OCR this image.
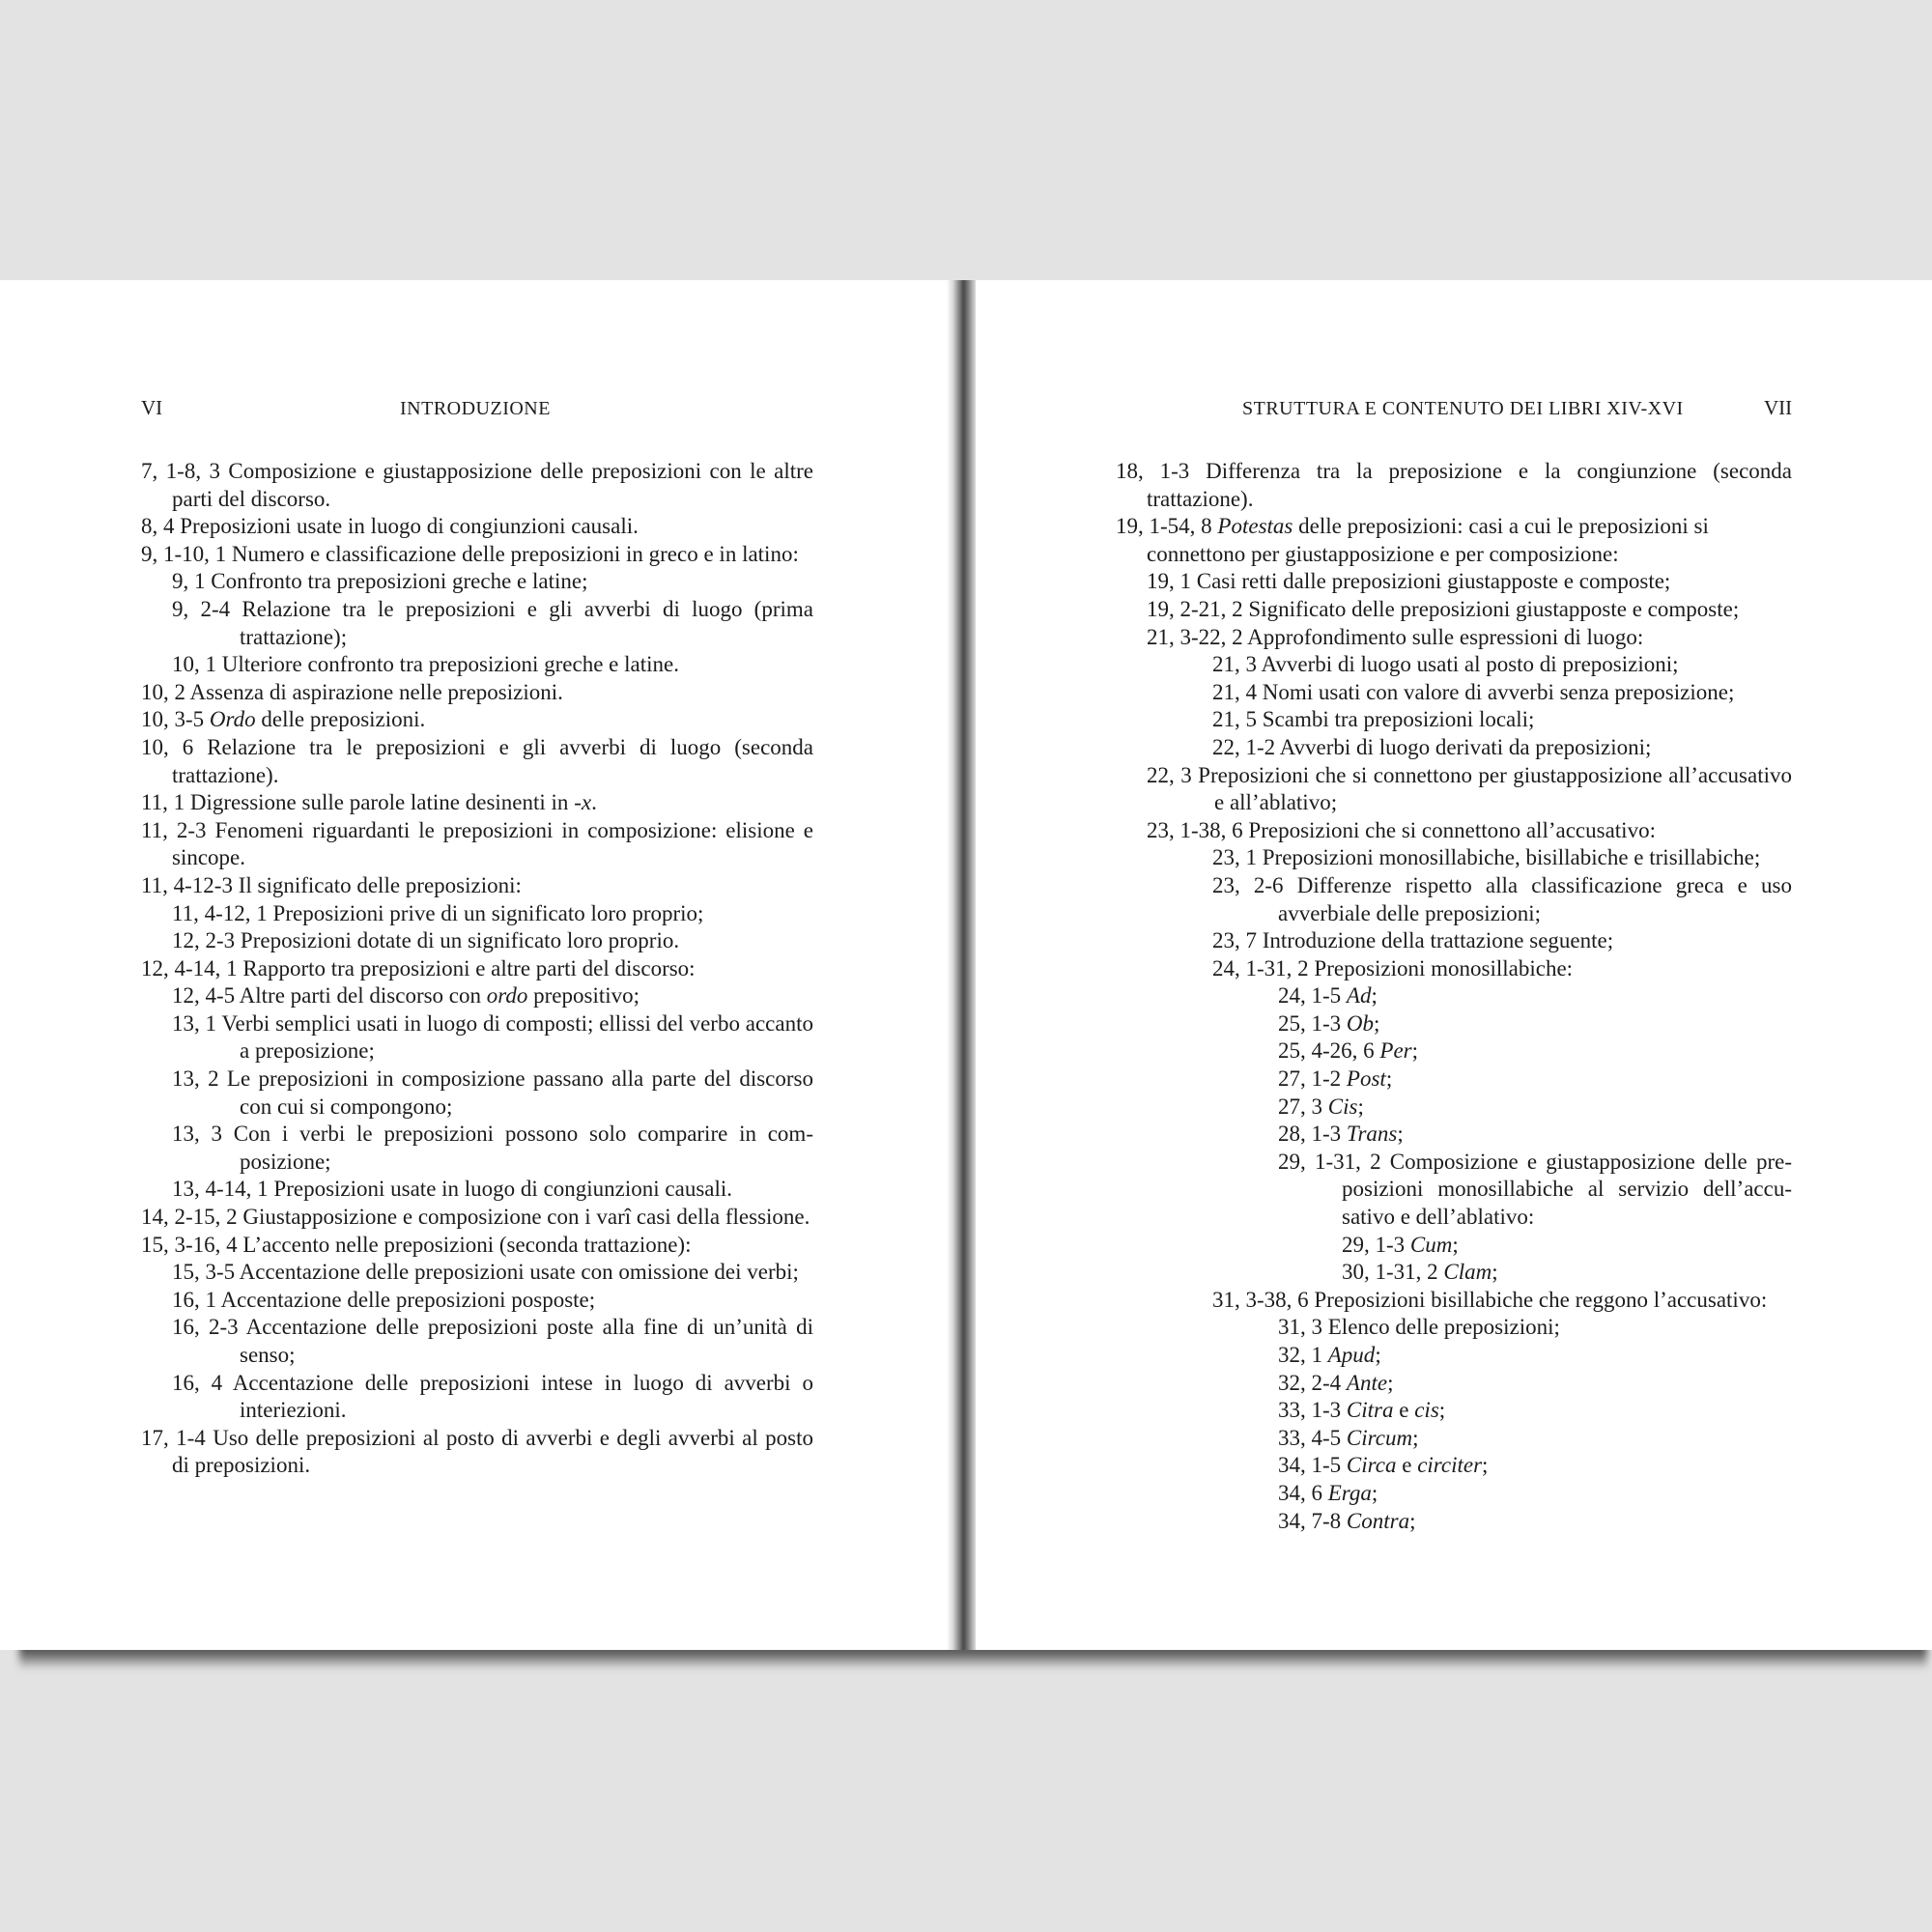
VI	INTRODUZIONE

7, 1-8, 3 Composizione e giustapposizione delle preposizioni con le altre parti del discorso.

8, 4 Preposizioni usate in luogo di congiunzioni causali.

9, 1-10, 1 Numero e classificazione delle preposizioni in greco e in latino:

9, 1 Confronto tra preposizioni greche e latine;

9, 2-4 Relazione tra le preposizioni e gli avverbi di luogo (prima trattazione);

10, 1 Ulteriore confronto tra preposizioni greche e latine.

10, 2 Assenza di aspirazione nelle preposizioni.

10, 3-5 Ordo delle preposizioni.

10, 6 Relazione tra le preposizioni e gli avverbi di luogo (seconda trattazione).

11, 1 Digressione sulle parole latine desinenti in -x.

11, 2-3 Fenomeni riguardanti le preposizioni in composizione: elisione e sincope.

11, 4-12-3 Il significato delle preposizioni:

11, 4-12, 1 Preposizioni prive di un significato loro proprio;

12, 2-3 Preposizioni dotate di un significato loro proprio.

12, 4-14, 1 Rapporto tra preposizioni e altre parti del discorso:

12, 4-5 Altre parti del discorso con ordo prepositivo;

13, 1 Verbi semplici usati in luogo di composti; ellissi del verbo accanto a preposizione;

13, 2 Le preposizioni in composizione passano alla parte del discorso con cui si compongono;

13, 3 Con i verbi le preposizioni possono solo comparire in composizione;

13, 4-14, 1 Preposizioni usate in luogo di congiunzioni causali.

14, 2-15, 2 Giustapposizione e composizione con i varî casi della flessione.

15, 3-16, 4 L’accento nelle preposizioni (seconda trattazione):

15, 3-5 Accentazione delle preposizioni usate con omissione dei verbi;

16, 1 Accentazione delle preposizioni posposte;

16, 2-3 Accentazione delle preposizioni poste alla fine di un’unità di senso;

16, 4 Accentazione delle preposizioni intese in luogo di avverbi o interiezioni.

17, 1-4 Uso delle preposizioni al posto di avverbi e degli avverbi al posto di preposizioni.

STRUTTURA E CONTENUTO DEI LIBRI XIV-XVI	VII

18, 1-3 Differenza tra la preposizione e la congiunzione (seconda trattazione).

19, 1-54, 8 Potestas delle preposizioni: casi a cui le preposizioni si connettono per giustapposizione e per composizione:

19, 1 Casi retti dalle preposizioni giustapposte e composte;

19, 2-21, 2 Significato delle preposizioni giustapposte e composte;

21, 3-22, 2 Approfondimento sulle espressioni di luogo:

21, 3 Avverbi di luogo usati al posto di preposizioni;

21, 4 Nomi usati con valore di avverbi senza preposizione;

21, 5 Scambi tra preposizioni locali;

22, 1-2 Avverbi di luogo derivati da preposizioni;

22, 3 Preposizioni che si connettono per giustapposizione all’accusativo e all’ablativo;

23, 1-38, 6 Preposizioni che si connettono all’accusativo:

23, 1 Preposizioni monosillabiche, bisillabiche e trisillabiche;

23, 2-6 Differenze rispetto alla classificazione greca e uso avverbiale delle preposizioni;

23, 7 Introduzione della trattazione seguente;

24, 1-31, 2 Preposizioni monosillabiche:

24, 1-5 Ad;

25, 1-3 Ob;

25, 4-26, 6 Per;

27, 1-2 Post;

27, 3 Cis;

28, 1-3 Trans;

29, 1-31, 2 Composizione e giustapposizione delle preposizioni monosillabiche al servizio dell’accusativo e dell’ablativo:

29, 1-3 Cum;

30, 1-31, 2 Clam;

31, 3-38, 6 Preposizioni bisillabiche che reggono l’accusativo:

31, 3 Elenco delle preposizioni;

32, 1 Apud;

32, 2-4 Ante;

33, 1-3 Citra e cis;

33, 4-5 Circum;

34, 1-5 Circa e circiter;

34, 6 Erga;

34, 7-8 Contra;
